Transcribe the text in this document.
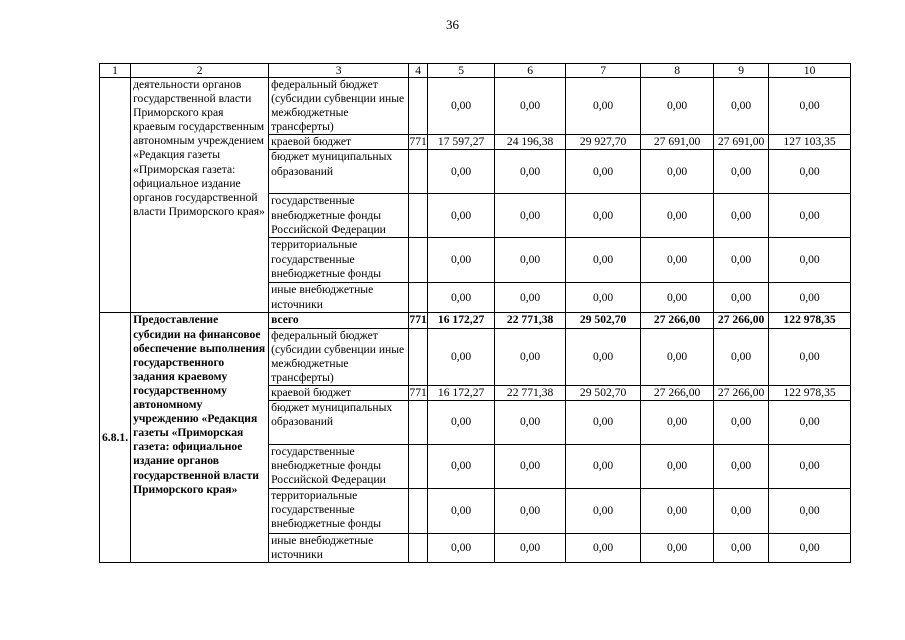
36
1	2	3	4	5	6	7	8	9	10
	деятельности органов государственной власти Приморского края краевым государственным автономным учреждением «Редакция газеты «Приморская газета: официальное издание органов государственной власти Приморского края»	федеральный бюджет (субсидии субвенции иные межбюджетные трансферты)		0,00	0,00	0,00	0,00	0,00	0,00
		краевой бюджет	771	17 597,27	24 196,38	29 927,70	27 691,00	27 691,00	127 103,35
		бюджет муниципальных образований		0,00	0,00	0,00	0,00	0,00	0,00
		государственные внебюджетные фонды Российской Федерации		0,00	0,00	0,00	0,00	0,00	0,00
		территориальные государственные внебюджетные фонды		0,00	0,00	0,00	0,00	0,00	0,00
		иные внебюджетные источники		0,00	0,00	0,00	0,00	0,00	0,00
6.8.1.	Предоставление субсидии на финансовое обеспечение выполнения государственного задания краевому государственному автономному учреждению «Редакция газеты «Приморская газета: официальное издание органов государственной власти Приморского края»	всего	771	16 172,27	22 771,38	29 502,70	27 266,00	27 266,00	122 978,35
		федеральный бюджет (субсидии субвенции иные межбюджетные трансферты)		0,00	0,00	0,00	0,00	0,00	0,00
		краевой бюджет	771	16 172,27	22 771,38	29 502,70	27 266,00	27 266,00	122 978,35
		бюджет муниципальных образований		0,00	0,00	0,00	0,00	0,00	0,00
		государственные внебюджетные фонды Российской Федерации		0,00	0,00	0,00	0,00	0,00	0,00
		территориальные государственные внебюджетные фонды		0,00	0,00	0,00	0,00	0,00	0,00
		иные внебюджетные источники		0,00	0,00	0,00	0,00	0,00	0,00
